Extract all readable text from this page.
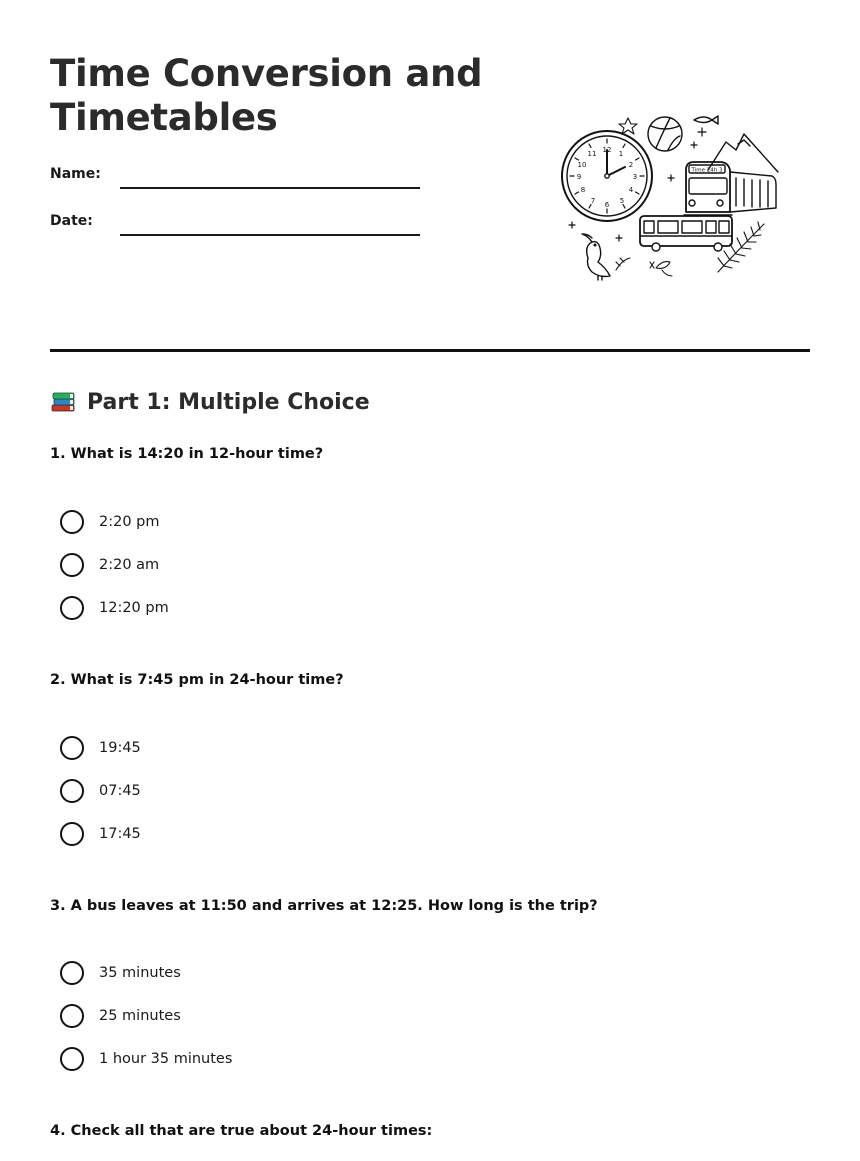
Time Conversion and Timetables
Name:
Date:
12 1
2
3
4
5
6
7
8
9
10
11
Time 24h 3
Part 1: Multiple Choice
1. What is 14:20 in 12-hour time?
2:20 pm
2:20 am
12:20 pm
2. What is 7:45 pm in 24-hour time?
19:45
07:45
17:45
3. A bus leaves at 11:50 and arrives at 12:25. How long is the trip?
35 minutes
25 minutes
1 hour 35 minutes
4. Check all that are true about 24-hour times:
